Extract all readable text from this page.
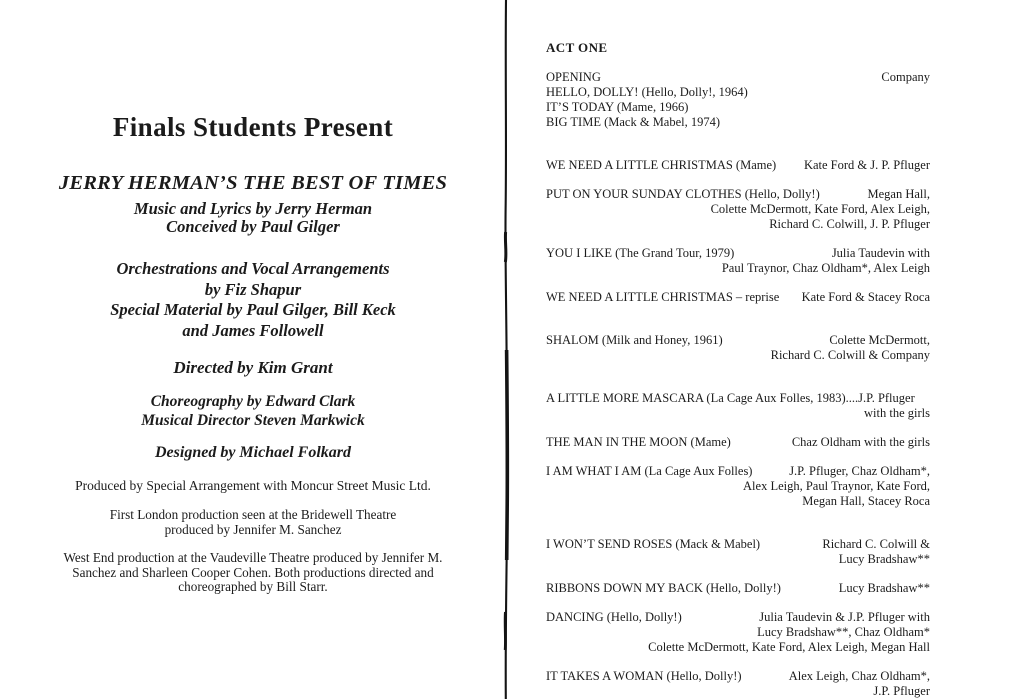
Finals Students Present
JERRY HERMAN’S THE BEST OF TIMES
Music and Lyrics by Jerry Herman
Conceived by Paul Gilger
Orchestrations and Vocal Arrangements
by Fiz Shapur
Special Material by Paul Gilger, Bill Keck
and James Followell
Directed by Kim Grant
Choreography by Edward Clark
Musical Director Steven Markwick
Designed by Michael Folkard
Produced by Special Arrangement with Moncur Street Music Ltd.
First London production seen at the Bridewell Theatre
produced by Jennifer M. Sanchez
West End production at the Vaudeville Theatre produced by Jennifer M.
Sanchez and Sharleen Cooper Cohen. Both productions directed and
choreographed by Bill Starr.
ACT ONE
OPENING	Company
HELLO, DOLLY! (Hello, Dolly!, 1964)
IT’S TODAY (Mame, 1966)
BIG TIME (Mack & Mabel, 1974)
WE NEED A LITTLE CHRISTMAS (Mame) Kate Ford & J. P. Pfluger
PUT ON YOUR SUNDAY CLOTHES (Hello, Dolly!)	Megan Hall,
Colette McDermott, Kate Ford, Alex Leigh,
Richard C. Colwill, J. P. Pfluger
YOU I LIKE (The Grand Tour, 1979)	Julia Taudevin with
Paul Traynor, Chaz Oldham*, Alex Leigh
WE NEED A LITTLE CHRISTMAS – reprise Kate Ford & Stacey Roca
SHALOM (Milk and Honey, 1961)	Colette McDermott,
Richard C. Colwill & Company
A LITTLE MORE MASCARA (La Cage Aux Folles, 1983)....J.P. Pfluger
with the girls
THE MAN IN THE MOON (Mame)	Chaz Oldham with the girls
I AM WHAT I AM (La Cage Aux Folles)	J.P. Pfluger, Chaz Oldham*,
Alex Leigh, Paul Traynor, Kate Ford,
Megan Hall, Stacey Roca
I WON’T SEND ROSES (Mack & Mabel)	Richard C. Colwill &
Lucy Bradshaw**
RIBBONS DOWN MY BACK (Hello, Dolly!)	Lucy Bradshaw**
DANCING (Hello, Dolly!)	Julia Taudevin & J.P. Pfluger with
Lucy Bradshaw**, Chaz Oldham*
Colette McDermott, Kate Ford, Alex Leigh, Megan Hall
IT TAKES A WOMAN (Hello, Dolly!)	Alex Leigh, Chaz Oldham*,
J.P. Pfluger
